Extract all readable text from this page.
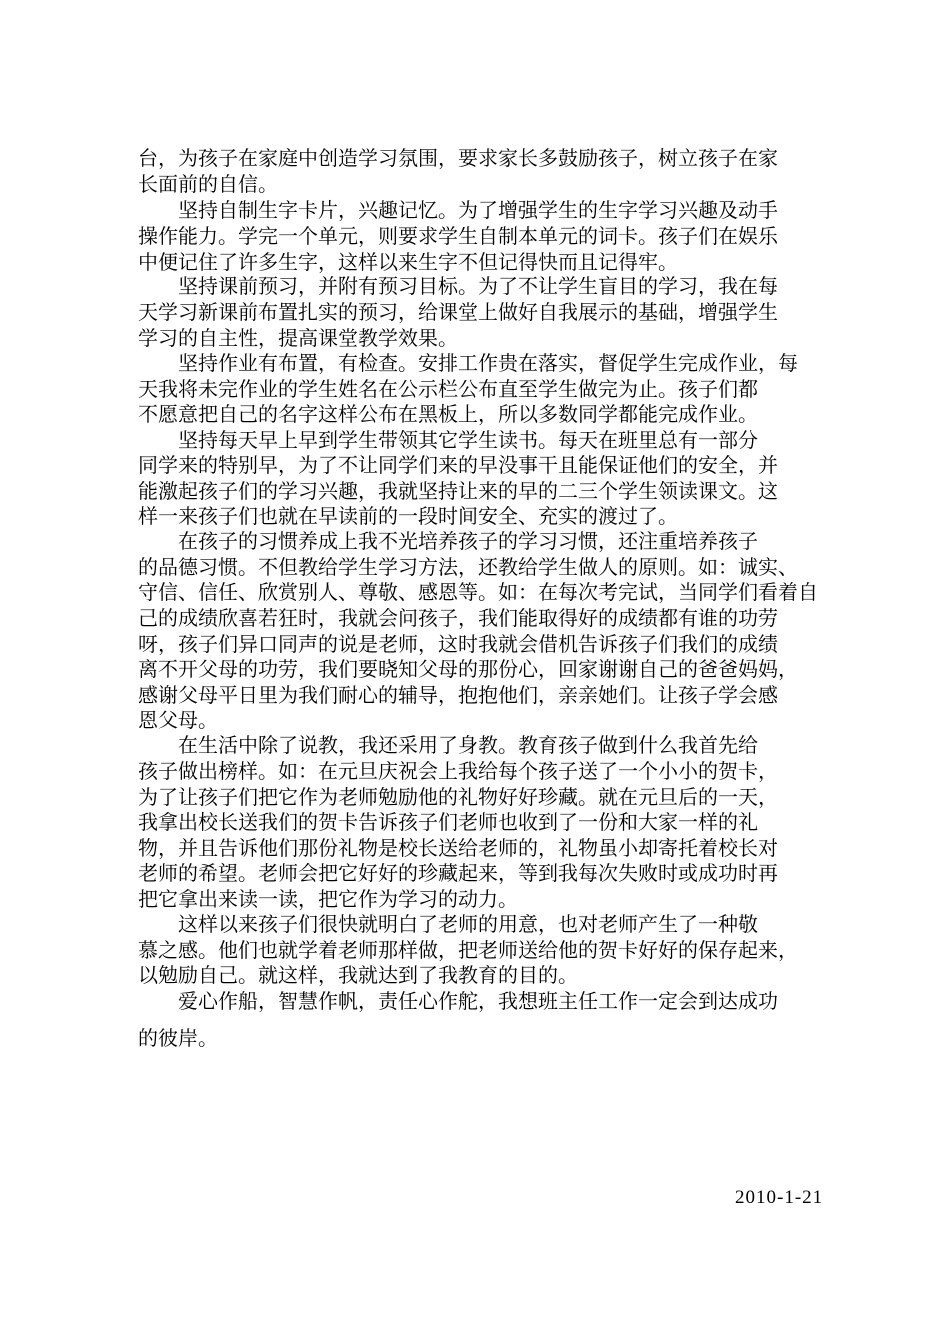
台，为孩子在家庭中创造学习氛围，要求家长多鼓励孩子，树立孩子在家
长面前的自信。
　　坚持自制生字卡片，兴趣记忆。为了增强学生的生字学习兴趣及动手
操作能力。学完一个单元，则要求学生自制本单元的词卡。孩子们在娱乐
中便记住了许多生字，这样以来生字不但记得快而且记得牢。
　　坚持课前预习，并附有预习目标。为了不让学生盲目的学习，我在每
天学习新课前布置扎实的预习，给课堂上做好自我展示的基础，增强学生
学习的自主性，提高课堂教学效果。
　　坚持作业有布置，有检查。安排工作贵在落实，督促学生完成作业，每
天我将未完作业的学生姓名在公示栏公布直至学生做完为止。孩子们都
不愿意把自己的名字这样公布在黑板上，所以多数同学都能完成作业。
　　坚持每天早上早到学生带领其它学生读书。每天在班里总有一部分
同学来的特别早，为了不让同学们来的早没事干且能保证他们的安全，并
能激起孩子们的学习兴趣，我就坚持让来的早的二三个学生领读课文。这
样一来孩子们也就在早读前的一段时间安全、充实的渡过了。
　　在孩子的习惯养成上我不光培养孩子的学习习惯，还注重培养孩子
的品德习惯。不但教给学生学习方法，还教给学生做人的原则。如：诚实、
守信、信任、欣赏别人、尊敬、感恩等。如：在每次考完试，当同学们看着自
己的成绩欣喜若狂时，我就会问孩子，我们能取得好的成绩都有谁的功劳
呀，孩子们异口同声的说是老师，这时我就会借机告诉孩子们我们的成绩
离不开父母的功劳，我们要晓知父母的那份心，回家谢谢自己的爸爸妈妈，
感谢父母平日里为我们耐心的辅导，抱抱他们，亲亲她们。让孩子学会感
恩父母。
　　在生活中除了说教，我还采用了身教。教育孩子做到什么我首先给
孩子做出榜样。如：在元旦庆祝会上我给每个孩子送了一个小小的贺卡，
为了让孩子们把它作为老师勉励他的礼物好好珍藏。就在元旦后的一天，
我拿出校长送我们的贺卡告诉孩子们老师也收到了一份和大家一样的礼
物，并且告诉他们那份礼物是校长送给老师的，礼物虽小却寄托着校长对
老师的希望。老师会把它好好的珍藏起来，等到我每次失败时或成功时再
把它拿出来读一读，把它作为学习的动力。
　　这样以来孩子们很快就明白了老师的用意，也对老师产生了一种敬
慕之感。他们也就学着老师那样做，把老师送给他的贺卡好好的保存起来，
以勉励自己。就这样，我就达到了我教育的目的。
　　爱心作船，智慧作帆，责任心作舵，我想班主任工作一定会到达成功
的彼岸。
2010-1-21
